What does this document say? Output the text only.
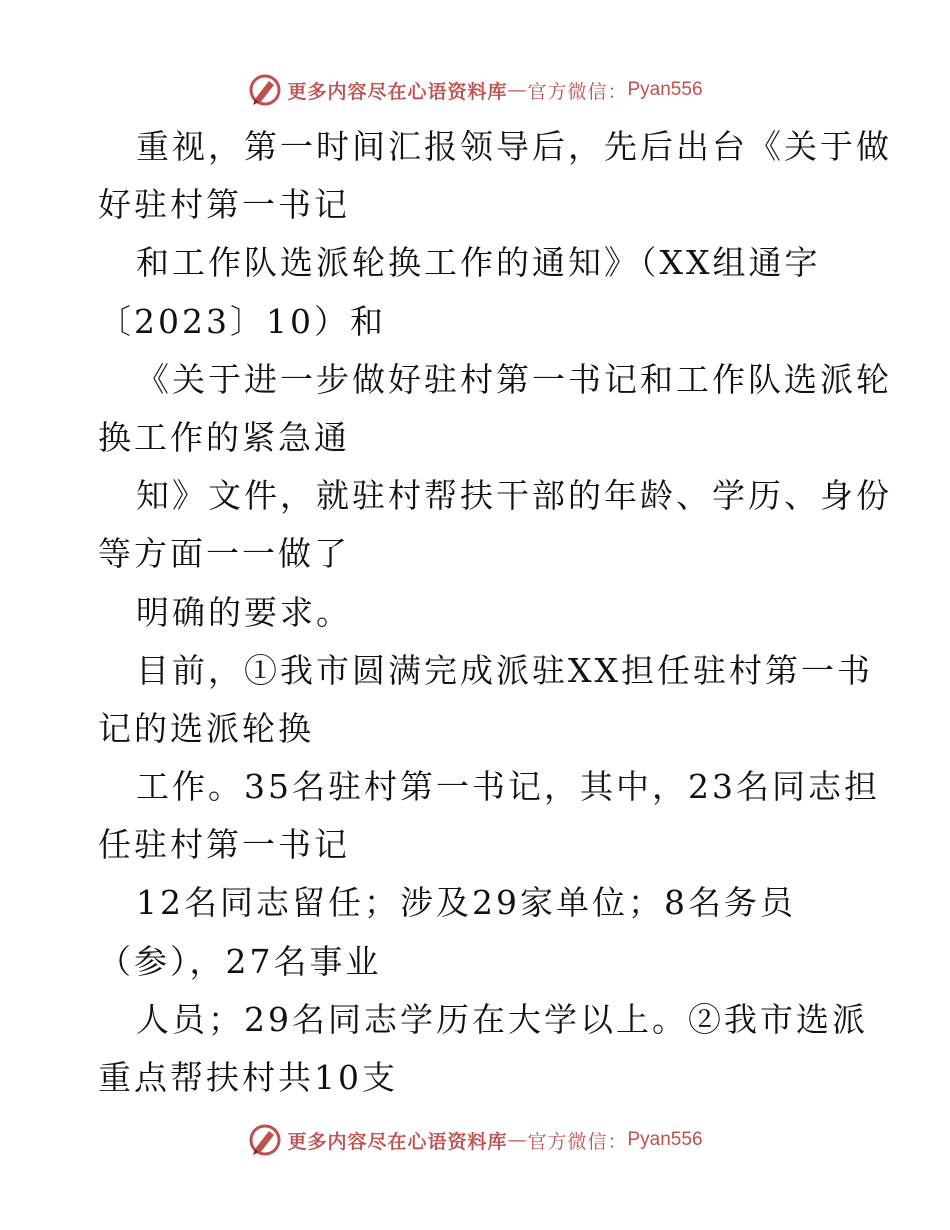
更多内容尽在心语资料库 — 官方微信： Pyan556
重视，第一时间汇报领导后，先后出台《关于做
好驻村第一书记
和工作队选派轮换工作的通知》（XX组通字
〔2023〕10）和
《关于进一步做好驻村第一书记和工作队选派轮
换工作的紧急通
知》文件，就驻村帮扶干部的年龄、学历、身份
等方面一一做了
明确的要求。
目前，①我市圆满完成派驻XX担任驻村第一书
记的选派轮换
工作。35名驻村第一书记，其中，23名同志担
任驻村第一书记
12名同志留任；涉及29家单位；8名务员
（参），27名事业
人员；29名同志学历在大学以上。②我市选派
重点帮扶村共10支
更多内容尽在心语资料库 — 官方微信： Pyan556
